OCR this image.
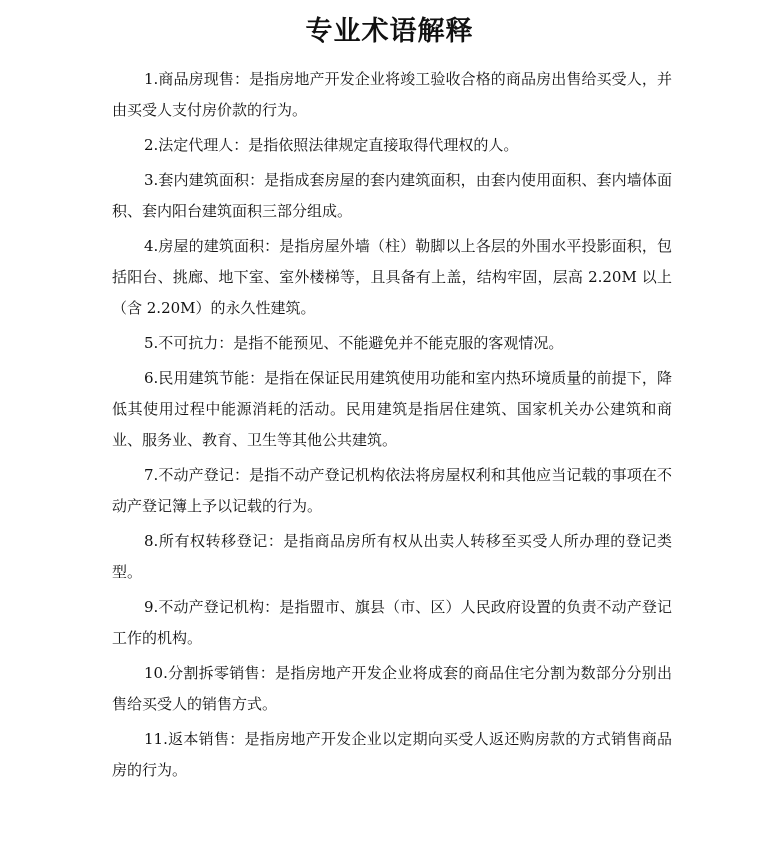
专业术语解释

1.商品房现售：是指房地产开发企业将竣工验收合格的商品房出售给买受人，并由买受人支付房价款的行为。

2.法定代理人：是指依照法律规定直接取得代理权的人。

3.套内建筑面积：是指成套房屋的套内建筑面积，由套内使用面积、套内墙体面积、套内阳台建筑面积三部分组成。

4.房屋的建筑面积：是指房屋外墙（柱）勒脚以上各层的外围水平投影面积，包括阳台、挑廊、地下室、室外楼梯等，且具备有上盖，结构牢固，层高 2.20M 以上（含 2.20M）的永久性建筑。

5.不可抗力：是指不能预见、不能避免并不能克服的客观情况。

6.民用建筑节能：是指在保证民用建筑使用功能和室内热环境质量的前提下，降低其使用过程中能源消耗的活动。民用建筑是指居住建筑、国家机关办公建筑和商业、服务业、教育、卫生等其他公共建筑。

7.不动产登记：是指不动产登记机构依法将房屋权利和其他应当记载的事项在不动产登记簿上予以记载的行为。

8.所有权转移登记：是指商品房所有权从出卖人转移至买受人所办理的登记类型。

9.不动产登记机构：是指盟市、旗县（市、区）人民政府设置的负责不动产登记工作的机构。

10.分割拆零销售：是指房地产开发企业将成套的商品住宅分割为数部分分别出售给买受人的销售方式。

11.返本销售：是指房地产开发企业以定期向买受人返还购房款的方式销售商品房的行为。
